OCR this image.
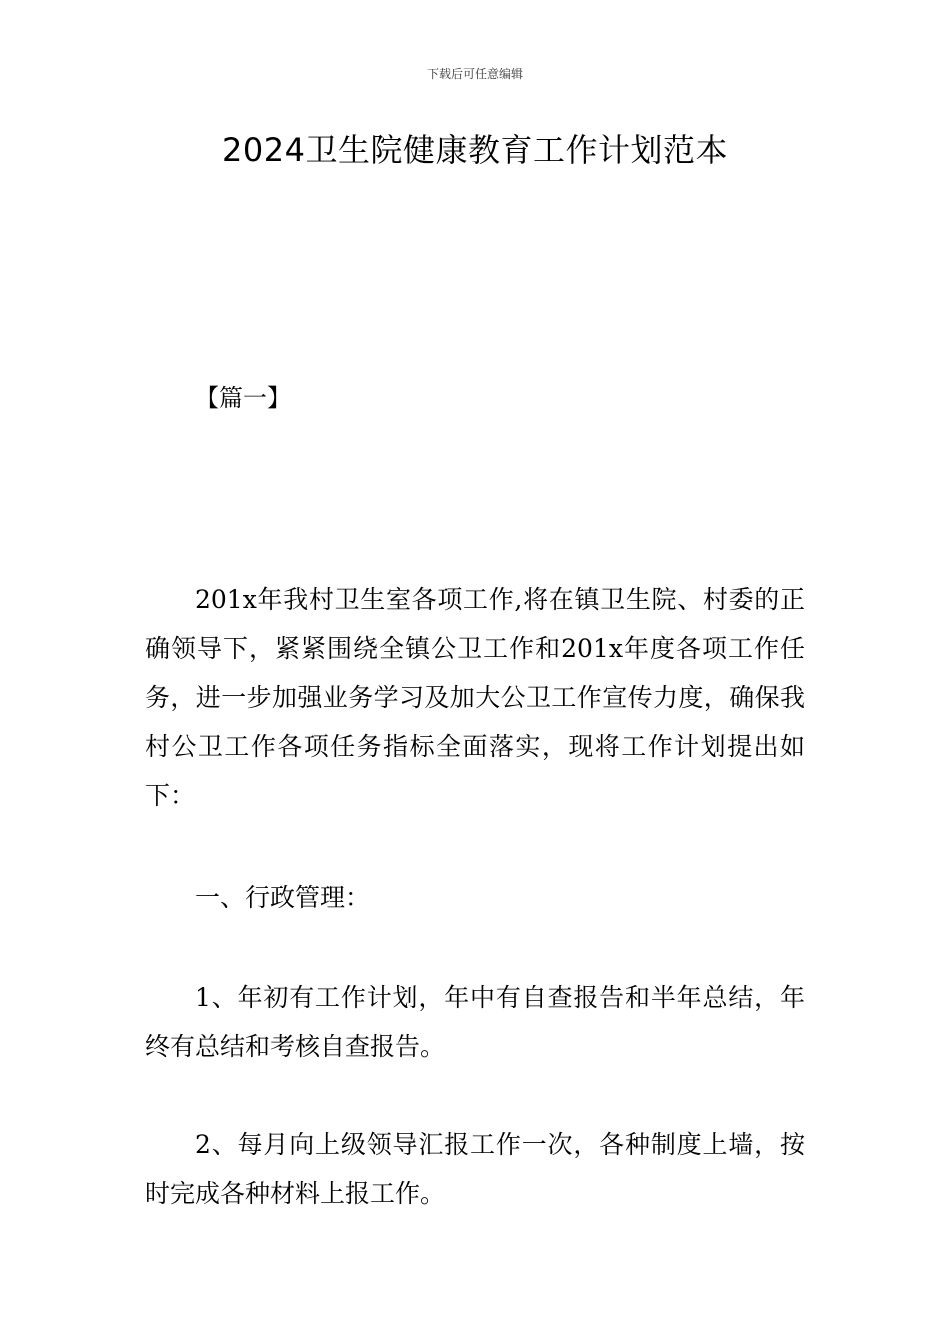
下载后可任意编辑
2024卫生院健康教育工作计划范本
【篇一】

201x年我村卫生室各项工作,将在镇卫生院、村委的正确领导下，紧紧围绕全镇公卫工作和201x年度各项工作任务，进一步加强业务学习及加大公卫工作宣传力度，确保我村公卫工作各项任务指标全面落实，现将工作计划提出如下：

一、行政管理：

1、年初有工作计划，年中有自查报告和半年总结，年终有总结和考核自查报告。

2、每月向上级领导汇报工作一次，各种制度上墙，按时完成各种材料上报工作。
